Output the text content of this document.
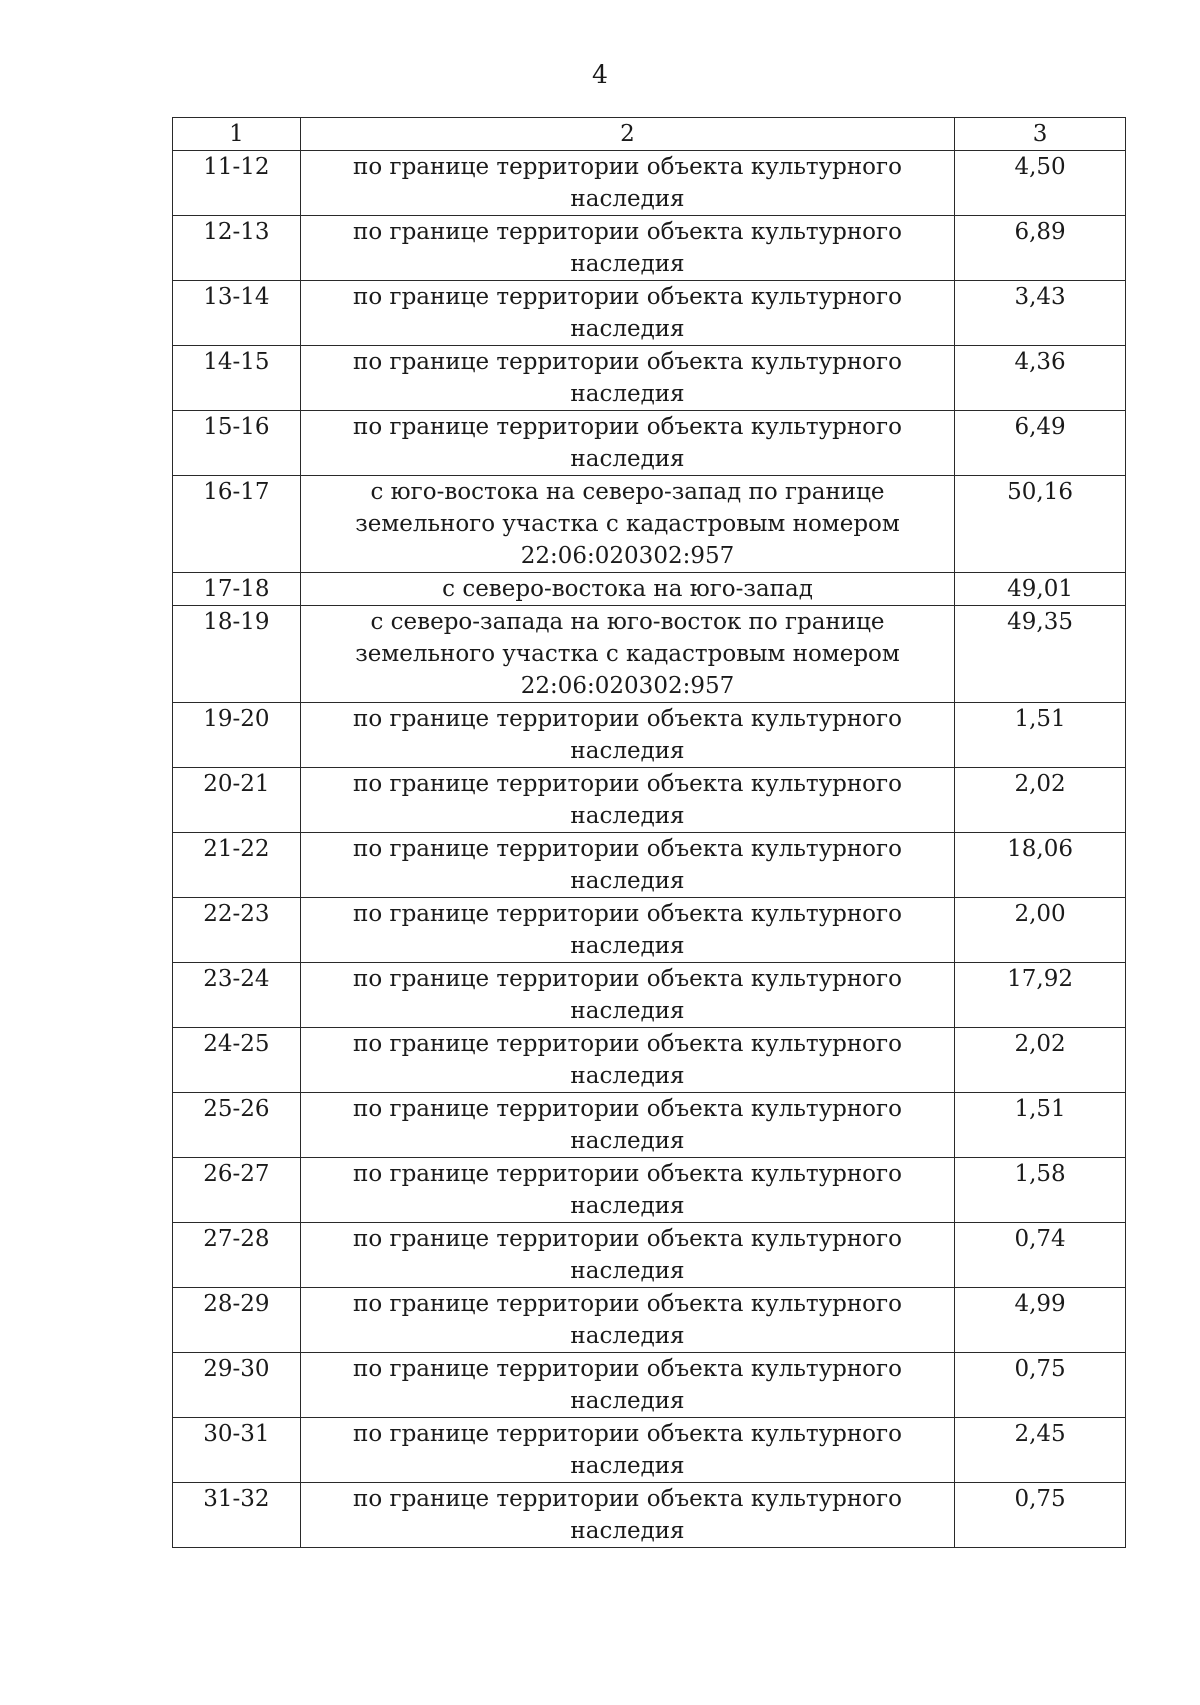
4
1	2	3
11-12	по границе территории объекта культурного наследия	4,50
12-13	по границе территории объекта культурного наследия	6,89
13-14	по границе территории объекта культурного наследия	3,43
14-15	по границе территории объекта культурного наследия	4,36
15-16	по границе территории объекта культурного наследия	6,49
16-17	с юго-востока на северо-запад по границе земельного участка с кадастровым номером 22:06:020302:957	50,16
17-18	с северо-востока на юго-запад	49,01
18-19	с северо-запада на юго-восток по границе земельного участка с кадастровым номером 22:06:020302:957	49,35
19-20	по границе территории объекта культурного наследия	1,51
20-21	по границе территории объекта культурного наследия	2,02
21-22	по границе территории объекта культурного наследия	18,06
22-23	по границе территории объекта культурного наследия	2,00
23-24	по границе территории объекта культурного наследия	17,92
24-25	по границе территории объекта культурного наследия	2,02
25-26	по границе территории объекта культурного наследия	1,51
26-27	по границе территории объекта культурного наследия	1,58
27-28	по границе территории объекта культурного наследия	0,74
28-29	по границе территории объекта культурного наследия	4,99
29-30	по границе территории объекта культурного наследия	0,75
30-31	по границе территории объекта культурного наследия	2,45
31-32	по границе территории объекта культурного наследия	0,75
